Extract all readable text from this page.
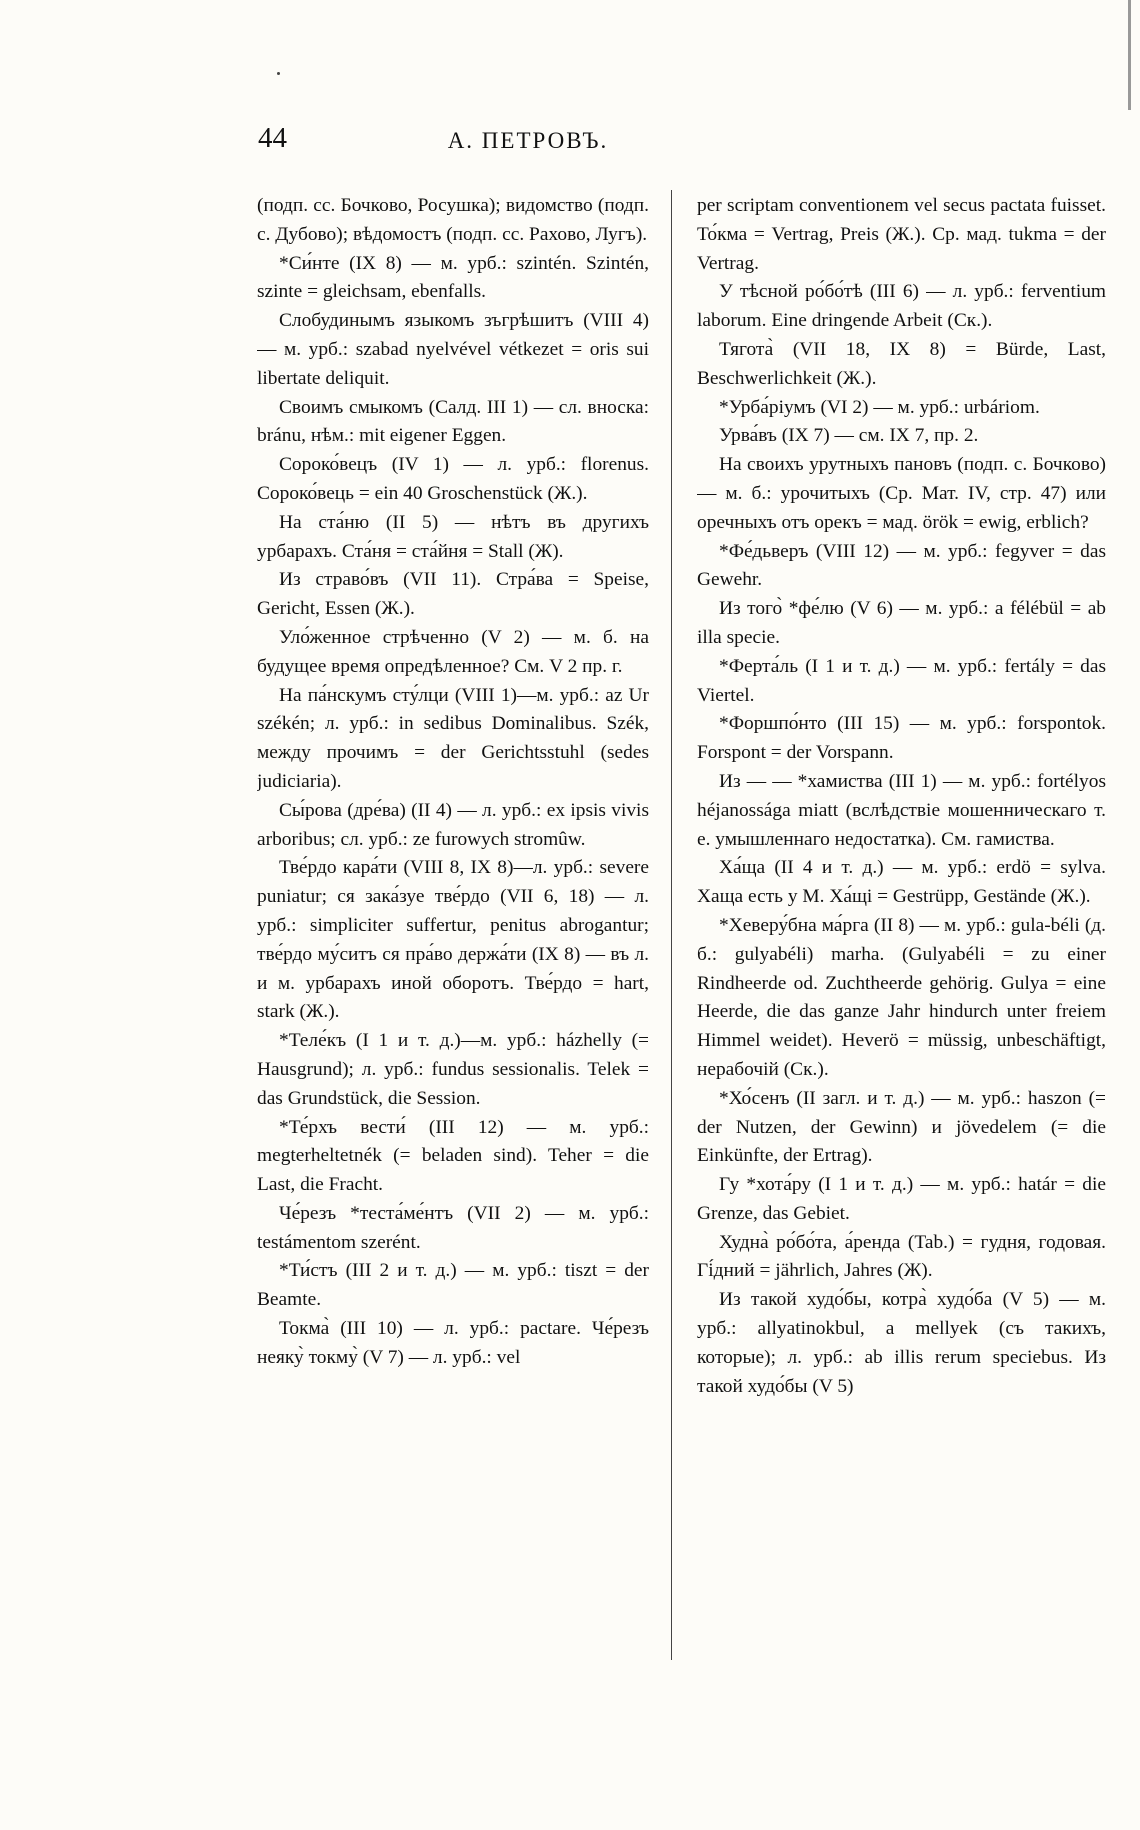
44	А. ПЕТРОВЪ.

(подп. сс. Бочково, Росушка); видомство (подп. с. Дубово); вѣдомостъ (подп. сс. Рахово, Лугъ).

*Си́нте (IX 8) — м. урб.: szintén. Szintén, szinte = gleichsam, ebenfalls.

Слобудинымъ языкомъ зъгрѣшитъ (VIII 4) — м. урб.: szabad nyelvével vétkezet = oris sui libertate deliquit.

Своимъ смыкомъ (Салд. III 1) — сл. вноска: bránu, нѣм.: mit eigener Eggen.

Сороко́вецъ (IV 1) — л. урб.: florenus. Сороко́вець = ein 40 Groschenstück (Ж.).

На ста́ню (II 5) — нѣтъ въ другихъ урбарахъ. Ста́ня = ста́йня = Stall (Ж).

Из страво́въ (VII 11). Стра́ва = Speise, Gericht, Essen (Ж.).

Уло́женное стрѣченно (V 2) — м. б. на будущее время опредѣленное? См. V 2 пр. г.

На па́нскумъ сту́лци (VIII 1)—м. урб.: az Ur székén; л. урб.: in sedibus Dominalibus. Szék, между прочимъ = der Gerichtsstuhl (sedes judiciaria).

Сы́рова (дре́ва) (II 4) — л. урб.: ex ipsis vivis arboribus; сл. урб.: ze furowych stromûw.

Тве́рдо кара́ти (VIII 8, IX 8)—л. урб.: severe puniatur; ся зака́зуе тве́рдо (VII 6, 18) — л. урб.: simpliciter suffertur, penitus abrogantur; тве́рдо му́ситъ ся пра́во держа́ти (IX 8) — въ л. и м. урбарахъ иной оборотъ. Тве́рдо = hart, stark (Ж.).

*Теле́къ (I 1 и т. д.)—м. урб.: házhelly (= Hausgrund); л. урб.: fundus sessionalis. Telek = das Grundstück, die Session.

*Те́рхъ вести́ (III 12) — м. урб.: megterheltetnék (= beladen sind). Teher = die Last, die Fracht.

Че́резъ *теста́ме́нтъ (VII 2) — м. урб.: testámentom szerént.

*Ти́стъ (III 2 и т. д.) — м. урб.: tiszt = der Beamte.

Токма̀ (III 10) — л. урб.: pactare. Че́резъ неяку̀ токму̀ (V 7) — л. урб.: vel

per scriptam conventionem vel secus pactata fuisset. То́кма = Vertrag, Preis (Ж.). Ср. мад. tukma = der Vertrag.

У тѣсной ро́бо́тѣ (III 6) — л. урб.: ferventium laborum. Eine dringende Arbeit (Ск.).

Тягота̀ (VII 18, IX 8) = Bürde, Last, Beschwerlichkeit (Ж.).

*Урба́ріумъ (VI 2) — м. урб.: urbáriom.

Урва́въ (IX 7) — см. IX 7, пр. 2.

На своихъ урутныхъ пановъ (подп. с. Бочково) — м. б.: урочитыхъ (Ср. Мат. IV, стр. 47) или оречныхъ отъ орекъ = мад. örök = ewig, erblich?

*Фе́дьверъ (VIII 12) — м. урб.: fegyver = das Gewehr.

Из того̀ *фе́лю (V 6) — м. урб.: a félébül = ab illa specie.

*Ферта́ль (I 1 и т. д.) — м. урб.: fertály = das Viertel.

*Форшпо́нто (III 15) — м. урб.: forspontok. Forspont = der Vorspann.

Из — — *хамиства (III 1) — м. урб.: fortélyos héjanossága miatt (вслѣдствіе мошенническаго т. е. умышленнаго недостатка). См. гамиства.

Ха́ща (II 4 и т. д.) — м. урб.: erdö = sylva. Хаща есть у М. Ха́щі = Gestrüpp, Gestände (Ж.).

*Хеверу́бна ма́рга (II 8) — м. урб.: gula-béli (д. б.: gulyabéli) marha. (Gulyabéli = zu einer Rindheerde od. Zuchtheerde gehörig. Gulya = eine Heerde, die das ganze Jahr hindurch unter freiem Himmel weidet). Heverö = müssig, unbeschäftigt, нерабочій (Ск.).

*Хо́сенъ (II загл. и т. д.) — м. урб.: haszon (= der Nutzen, der Gewinn) и jövedelem (= die Einkünfte, der Ertrag).

Гу *хота́ру (I 1 и т. д.) — м. урб.: határ = die Grenze, das Gebiet.

Худна̀ ро́бо́та, а́ренда (Tab.) = гудня, годовая. Гі́дний = jährlich, Jahres (Ж).

Из такой худо́бы, котра̀ худо́ба (V 5) — м. урб.: allyatinokbul, a mellyek (съ такихъ, которые); л. урб.: ab illis rerum speciebus. Из такой худо́бы (V 5)
